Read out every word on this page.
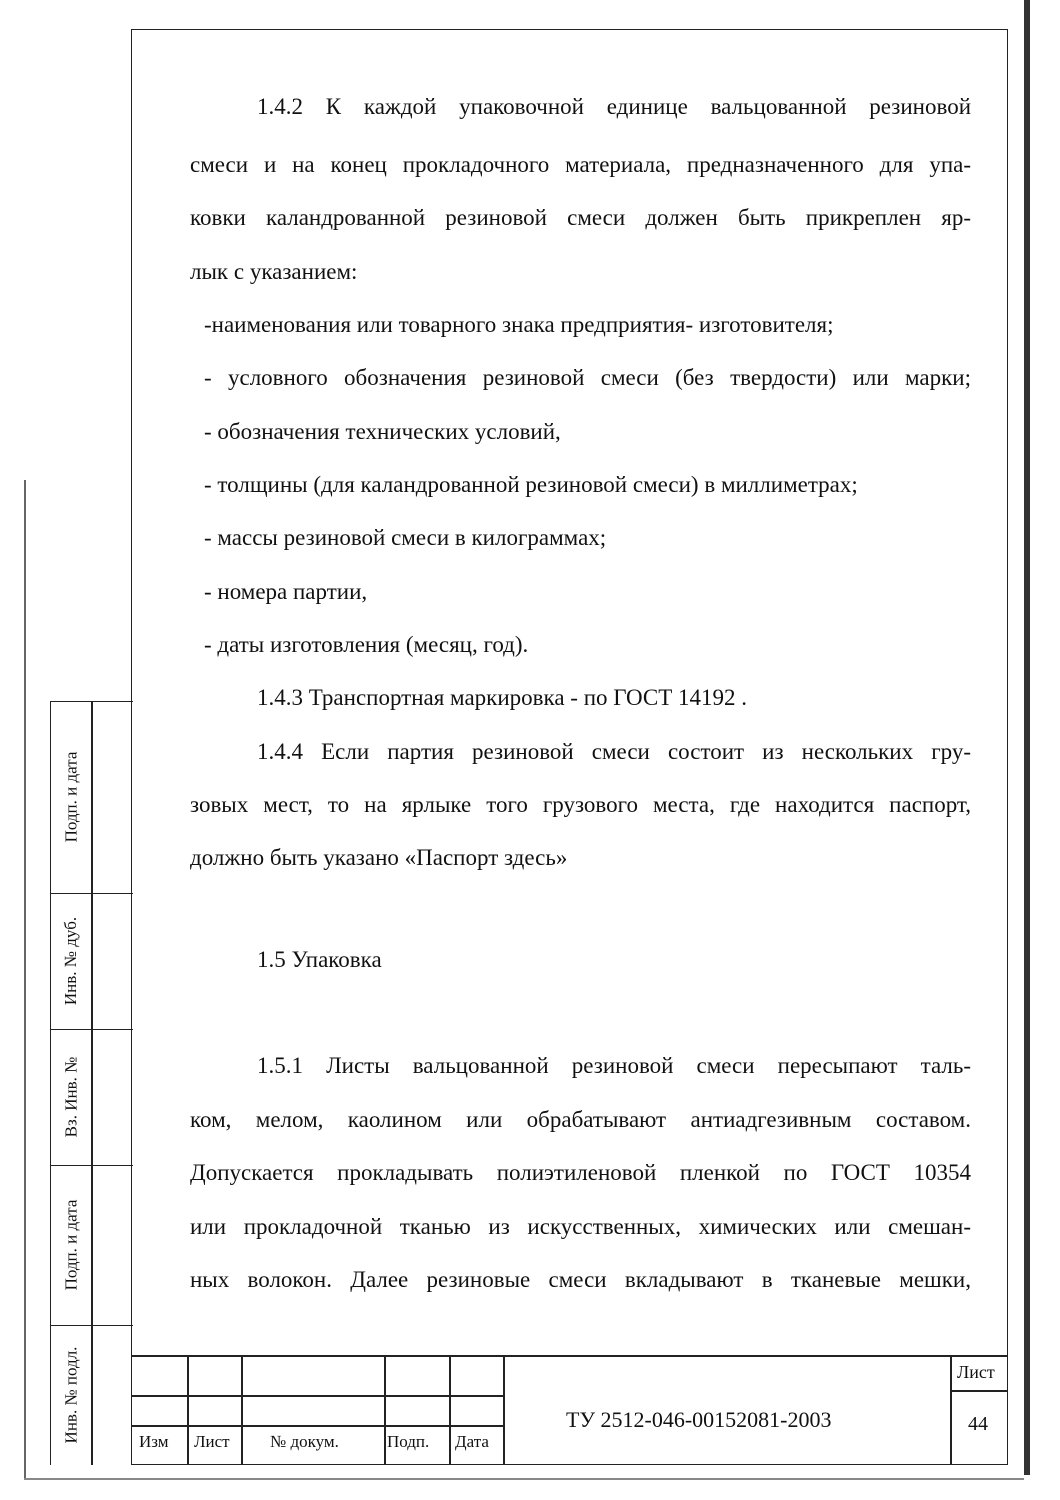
1.4.2 К каждой упаковочной единице вальцованной резиновой
смеси и на конец прокладочного материала, предназначенного для упа-
ковки каландрованной резиновой смеси должен быть прикреплен яр-
лык с указанием:
-наименования или товарного знака предприятия- изготовителя;
- условного обозначения резиновой смеси (без твердости) или марки;
- обозначения технических условий,
- толщины (для каландрованной резиновой смеси) в миллиметрах;
- массы резиновой смеси в килограммах;
- номера партии,
- даты изготовления (месяц, год).
1.4.3 Транспортная маркировка - по ГОСТ 14192 .
1.4.4 Если партия резиновой смеси состоит из нескольких гру-
зовых мест, то на ярлыке того грузового места, где находится паспорт,
должно быть указано «Паспорт здесь»
1.5 Упаковка
1.5.1 Листы вальцованной резиновой смеси пересыпают таль-
ком, мелом, каолином или обрабатывают антиадгезивным составом.
Допускается прокладывать полиэтиленовой пленкой по ГОСТ 10354
или прокладочной тканью из искусственных, химических или смешан-
ных волокон. Далее резиновые смеси вкладывают в тканевые мешки,
Подп. и дата
Инв. № дуб.
Вз. Инв. №
Подп. и дата
Инв. № подл.	Изм Лист № докум.	Подп. Дата
ТУ 2512-046-00152081-2003
Лист
44
